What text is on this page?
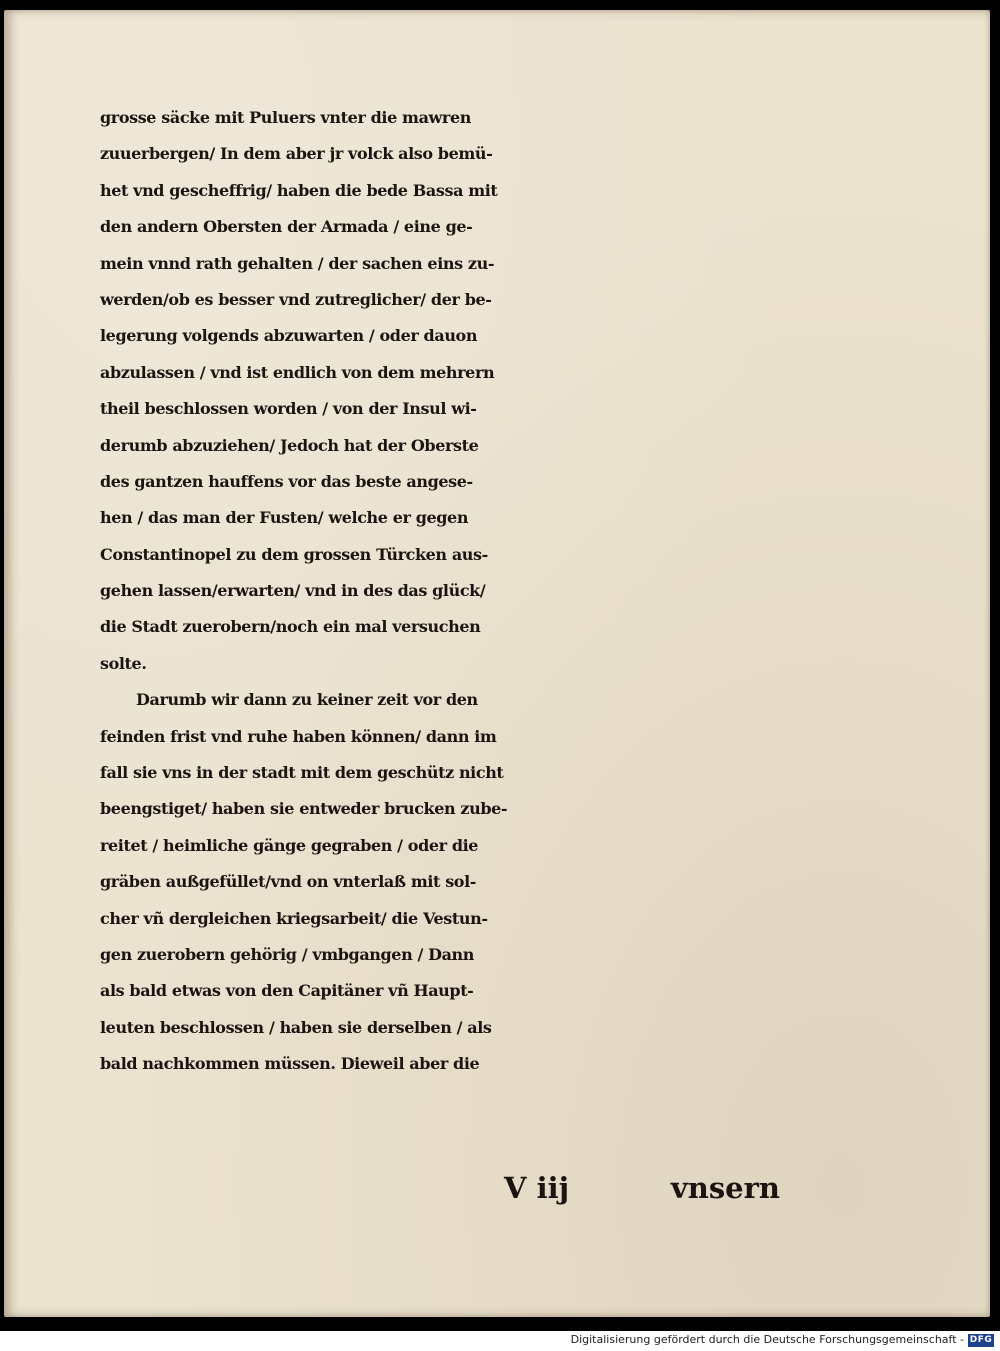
grosse säcke mit Puluers vnter die mawren
zuuerbergen/ In dem aber jr volck also bemü-
het vnd gescheffrig/ haben die bede Bassa mit
den andern Obersten der Armada / eine ge-
mein vnnd rath gehalten / der sachen eins zu-
werden/ob es besser vnd zutreglicher/ der be-
legerung volgends abzuwarten / oder dauon
abzulassen / vnd ist endlich von dem mehrern
theil beschlossen worden / von der Insul wi-
derumb abzuziehen/ Jedoch hat der Oberste
des gantzen hauffens vor das beste angese-
hen / das man der Fusten/ welche er gegen
Constantinopel zu dem grossen Türcken aus-
gehen lassen/erwarten/ vnd in des das glück/
die Stadt zuerobern/noch ein mal versuchen
solte.
Darumb wir dann zu keiner zeit vor den
feinden frist vnd ruhe haben können/ dann im
fall sie vns in der stadt mit dem geschütz nicht
beengstiget/ haben sie entweder brucken zube-
reitet / heimliche gänge gegraben / oder die
gräben außgefüllet/vnd on vnterlaß mit sol-
cher vñ dergleichen kriegsarbeit/ die Vestun-
gen zuerobern gehörig / vmbgangen / Dann
als bald etwas von den Capitäner vñ Haupt-
leuten beschlossen / haben sie derselben / als
bald nachkommen müssen. Dieweil aber die
V iij	vnsern
Digitalisierung gefördert durch die Deutsche Forschungsgemeinschaft - DFG
